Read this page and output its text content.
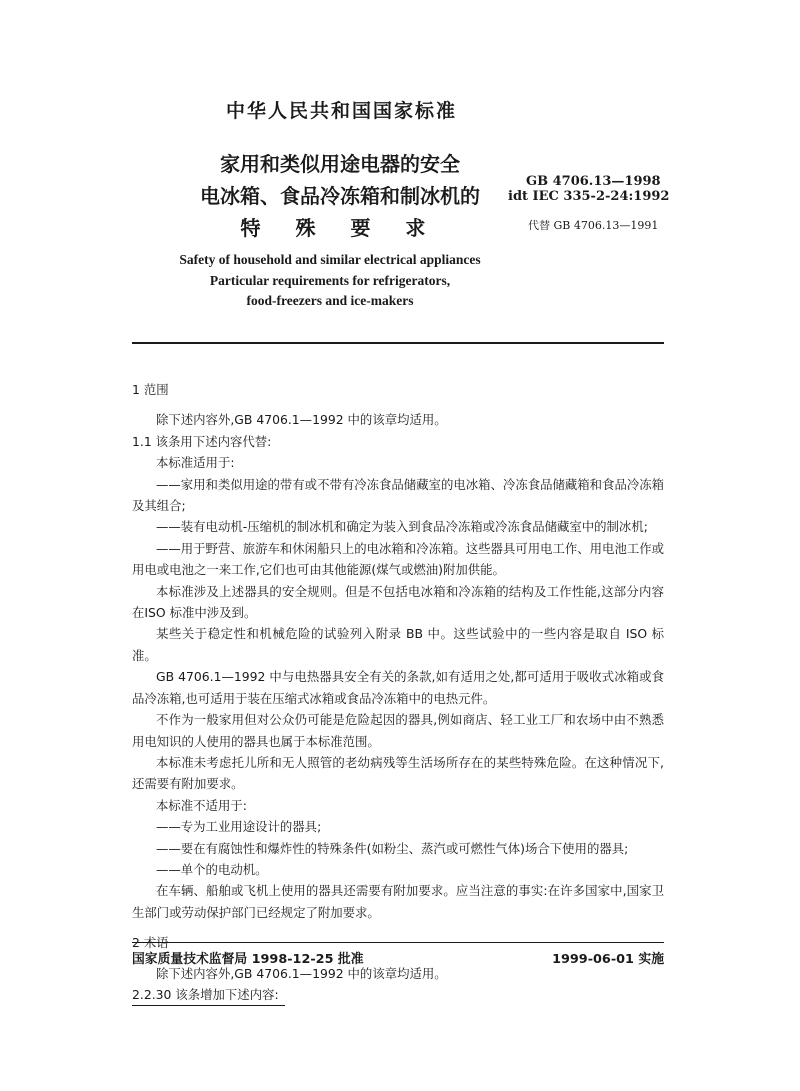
中华人民共和国国家标准
家用和类似用途电器的安全
电冰箱、食品冷冻箱和制冰机的
特 殊 要 求
GB 4706.13—1998
idt IEC 335-2-24:1992
代替 GB 4706.13—1991
Safety of household and similar electrical appliances
Particular requirements for refrigerators,
food-freezers and ice-makers

1 范围

除下述内容外,GB 4706.1—1992 中的该章均适用。

1.1 该条用下述内容代替:

本标准适用于:

——家用和类似用途的带有或不带有冷冻食品储藏室的电冰箱、冷冻食品储藏箱和食品冷冻箱及其组合;

——装有电动机-压缩机的制冰机和确定为装入到食品冷冻箱或冷冻食品储藏室中的制冰机;

——用于野营、旅游车和休闲船只上的电冰箱和冷冻箱。这些器具可用电工作、用电池工作或用电或电池之一来工作,它们也可由其他能源(煤气或燃油)附加供能。

本标准涉及上述器具的安全规则。但是不包括电冰箱和冷冻箱的结构及工作性能,这部分内容在ISO 标准中涉及到。

某些关于稳定性和机械危险的试验列入附录 BB 中。这些试验中的一些内容是取自 ISO 标准。

GB 4706.1—1992 中与电热器具安全有关的条款,如有适用之处,都可适用于吸收式冰箱或食品冷冻箱,也可适用于装在压缩式冰箱或食品冷冻箱中的电热元件。

不作为一般家用但对公众仍可能是危险起因的器具,例如商店、轻工业工厂和农场中由不熟悉用电知识的人使用的器具也属于本标准范围。

本标准未考虑托儿所和无人照管的老幼病残等生活场所存在的某些特殊危险。在这种情况下,还需要有附加要求。

本标准不适用于:

——专为工业用途设计的器具;

——要在有腐蚀性和爆炸性的特殊条件(如粉尘、蒸汽或可燃性气体)场合下使用的器具;

——单个的电动机。

在车辆、船舶或飞机上使用的器具还需要有附加要求。应当注意的事实:在许多国家中,国家卫生部门或劳动保护部门已经规定了附加要求。

2 术语

除下述内容外,GB 4706.1—1992 中的该章均适用。

2.2.30 该条增加下述内容:

国家质量技术监督局 1998-12-25 批准	1999-06-01 实施
